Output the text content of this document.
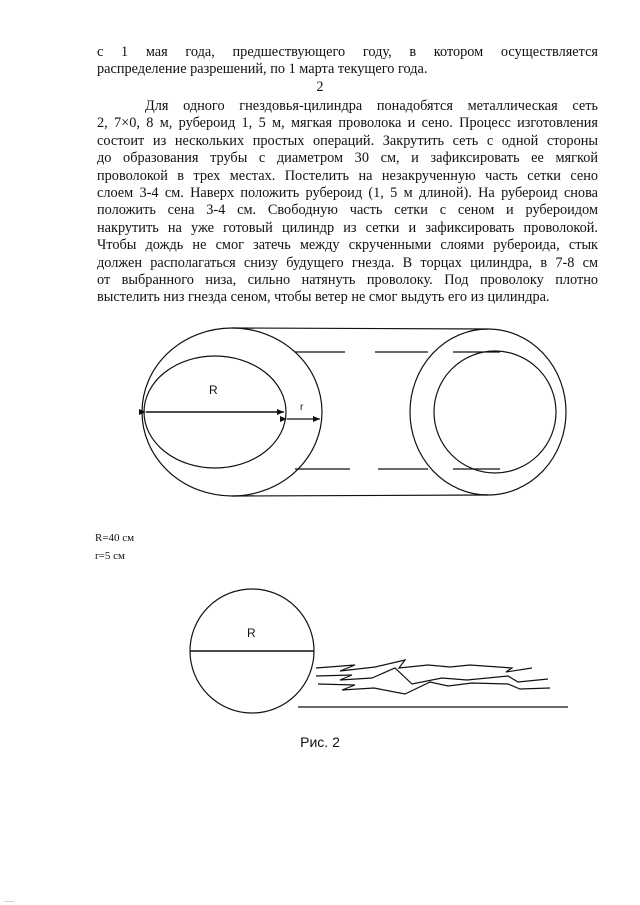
с 1 мая года, предшествующего году, в котором осуществляется
распределение разрешений, по 1 марта текущего года.
2
Для одного гнездовья-цилиндра понадобятся металлическая сеть
2, 7×0, 8 м, рубероид 1, 5 м, мягкая проволока и сено. Процесс изготовления
состоит из нескольких простых операций. Закрутить сеть с одной стороны
до образования трубы с диаметром 30 см, и зафиксировать ее мягкой
проволокой в трех местах. Постелить на незакрученную часть сетки сено
слоем 3-4 см. Наверх положить рубероид (1, 5 м длиной). На рубероид снова
положить сена 3-4 см. Свободную часть сетки с сеном и рубероидом
накрутить на уже готовый цилиндр из сетки и зафиксировать проволокой.
Чтобы дождь не смог затечь между скрученными слоями рубероида, стык
должен располагаться снизу будущего гнезда. В торцах цилиндра, в 7-8 см
от выбранного низа, сильно натянуть проволоку. Под проволоку плотно
выстелить низ гнезда сеном, чтобы ветер не смог выдуть его из цилиндра.
R
r
R
R=40 см
r=5 см
Рис. 2
___
